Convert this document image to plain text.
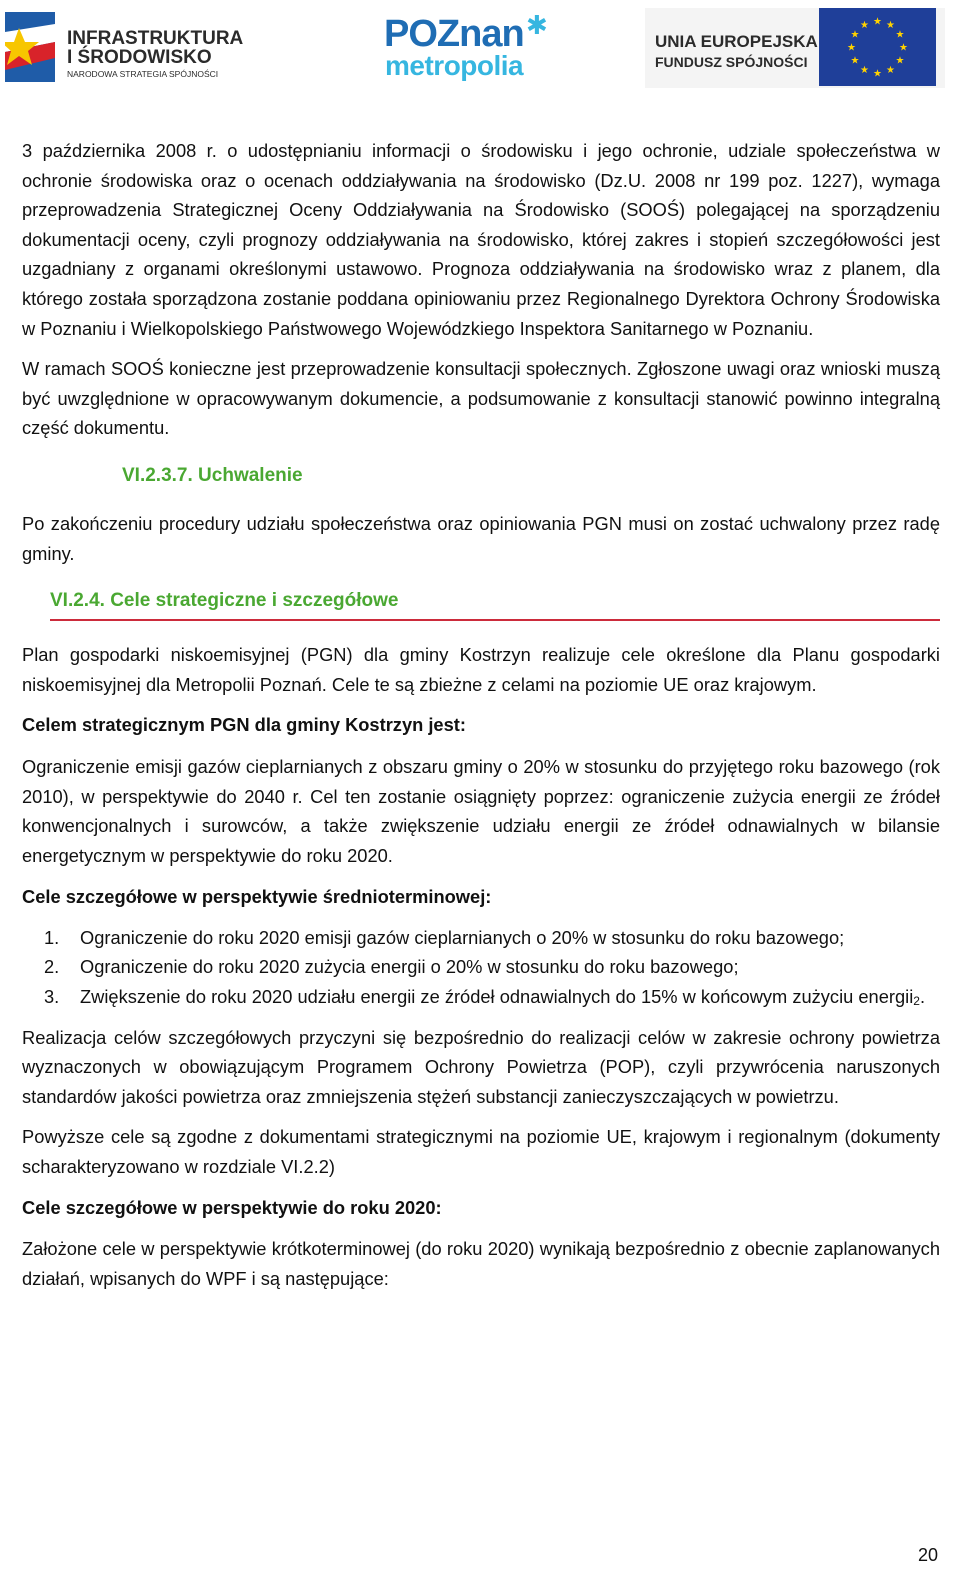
INFRASTRUKTURA
I ŚRODOWISKO
NARODOWA STRATEGIA SPÓJNOŚCI
POZnan
metropolia
✱
UNIA EUROPEJSKA
FUNDUSZ SPÓJNOŚCI
★ ★
★
★
★
★
★
★
★
★
★
★

3 października 2008 r. o udostępnianiu informacji o środowisku i jego ochronie, udziale społeczeństwa w ochronie środowiska oraz o ocenach oddziaływania na środowisko (Dz.U. 2008 nr 199 poz. 1227), wymaga przeprowadzenia Strategicznej Oceny Oddziaływania na Środowisko (SOOŚ) polegającej na sporządzeniu dokumentacji oceny, czyli prognozy oddziaływania na środowisko, której zakres i stopień szczegółowości jest uzgadniany z organami określonymi ustawowo. Prognoza oddziaływania na środowisko wraz z planem, dla którego została sporządzona zostanie poddana opiniowaniu przez Regionalnego Dyrektora Ochrony Środowiska w Poznaniu i Wielkopolskiego Państwowego Wojewódzkiego Inspektora Sanitarnego w Poznaniu.

W ramach SOOŚ konieczne jest przeprowadzenie konsultacji społecznych. Zgłoszone uwagi oraz wnioski muszą być uwzględnione w opracowywanym dokumencie, a podsumowanie z konsultacji stanowić powinno integralną część dokumentu.

VI.2.3.7. Uchwalenie

Po zakończeniu procedury udziału społeczeństwa oraz opiniowania PGN musi on zostać uchwalony przez radę gminy.

VI.2.4. Cele strategiczne i szczegółowe

Plan gospodarki niskoemisyjnej (PGN) dla gminy Kostrzyn realizuje cele określone dla Planu gospodarki niskoemisyjnej dla Metropolii Poznań. Cele te są zbieżne z celami na poziomie UE oraz krajowym.

Celem strategicznym PGN dla gminy Kostrzyn jest:

Ograniczenie emisji gazów cieplarnianych z obszaru gminy o 20% w stosunku do przyjętego roku bazowego (rok 2010), w perspektywie do 2040 r. Cel ten zostanie osiągnięty poprzez: ograniczenie zużycia energii ze źródeł konwencjonalnych i surowców, a także zwiększenie udziału energii ze źródeł odnawialnych w bilansie energetycznym w perspektywie do roku 2020.

Cele szczegółowe w perspektywie średnioterminowej:
1. Ograniczenie do roku 2020 emisji gazów cieplarnianych o 20% w stosunku do roku bazowego;
2. Ograniczenie do roku 2020 zużycia energii o 20% w stosunku do roku bazowego;
3. Zwiększenie do roku 2020 udziału energii ze źródeł odnawialnych do 15% w końcowym zużyciu energii$_2$.

Realizacja celów szczegółowych przyczyni się bezpośrednio do realizacji celów w zakresie ochrony powietrza wyznaczonych w obowiązującym Programem Ochrony Powietrza (POP), czyli przywrócenia naruszonych standardów jakości powietrza oraz zmniejszenia stężeń substancji zanieczyszczających w powietrzu.

Powyższe cele są zgodne z dokumentami strategicznymi na poziomie UE, krajowym i regionalnym (dokumenty scharakteryzowano w rozdziale VI.2.2)

Cele szczegółowe w perspektywie do roku 2020:

Założone cele w perspektywie krótkoterminowej (do roku 2020) wynikają bezpośrednio z obecnie zaplanowanych działań, wpisanych do WPF i są następujące:

20
